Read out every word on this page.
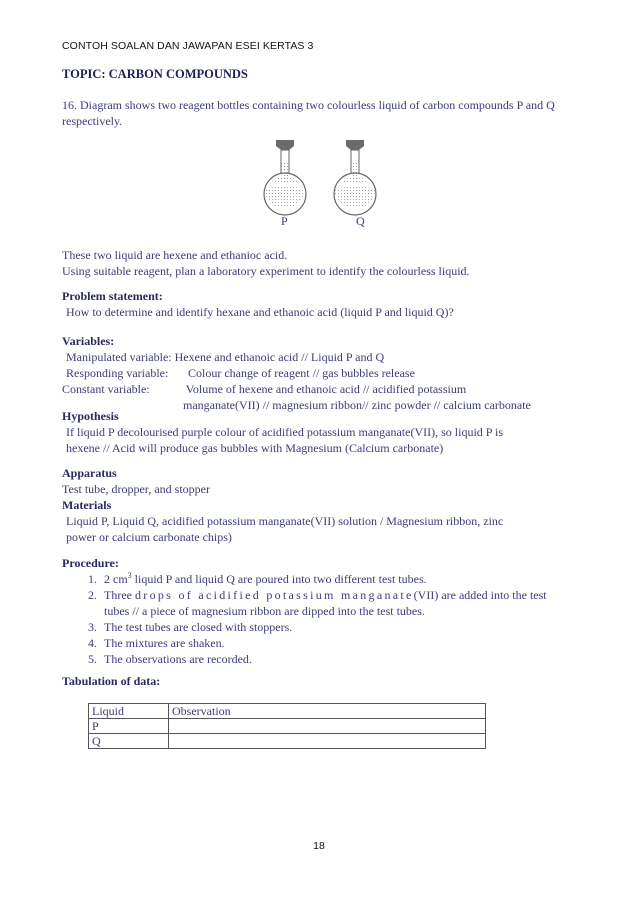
CONTOH SOALAN DAN JAWAPAN ESEI KERTAS 3
TOPIC: CARBON COMPOUNDS
16. Diagram shows two reagent bottles containing two colourless liquid of carbon compounds P and Q respectively.
P	Q
These two liquid are hexene and ethanioc acid.
Using suitable reagent, plan a laboratory experiment to identify the colourless liquid.
Problem statement:
How to determine and identify hexane and ethanoic acid (liquid P and liquid Q)?
Variables:
Manipulated variable: Hexene and ethanoic acid // Liquid P and Q
Responding variable: Colour change of reagent // gas bubbles release
Constant variable:	Volume of hexene and ethanoic acid // acidified potassium
manganate(VII) // magnesium ribbon// zinc powder // calcium carbonate
Hypothesis
If liquid P decolourised purple colour of acidified potassium manganate(VII), so liquid P is
hexene // Acid will produce gas bubbles with Magnesium (Calcium carbonate)
Apparatus
Test tube, dropper, and stopper
Materials
Liquid P, Liquid Q, acidified potassium manganate(VII) solution / Magnesium ribbon, zinc
power or calcium carbonate chips)
Procedure:
1. 2 $cm^3$ liquid P and liquid Q are poured into two different test tubes.
2. Three drops of acidified potassium manganate(VII) are added into the test
tubes // a piece of magnesium ribbon are dipped into the test tubes.
3. The test tubes are closed with stoppers.
4. The mixtures are shaken.
5. The observations are recorded.
Tabulation of data:
Liquid	Observation
P	
Q	
18
